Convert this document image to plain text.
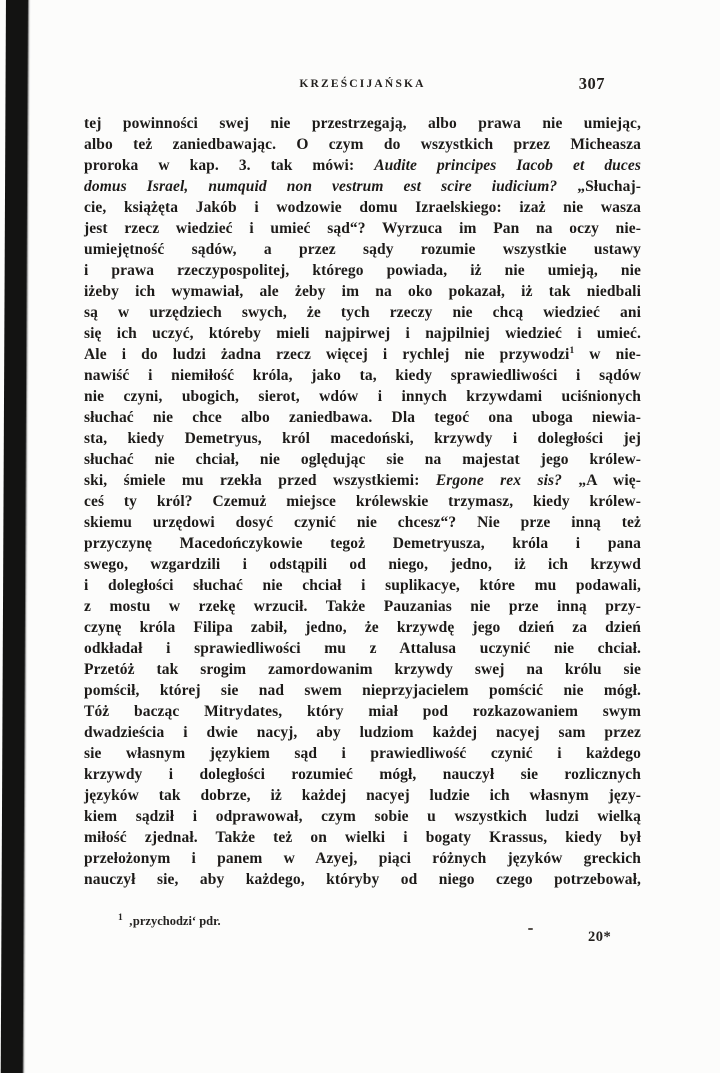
KRZEŚCIJAŃSKA	307
tej powinności swej nie przestrzegają, albo prawa nie umiejąc,
albo też zaniedbawając. O czym do wszystkich przez Micheasza
proroka w kap. 3. tak mówi: Audite principes Iacob et duces
domus Israel, numquid non vestrum est scire iudicium? „Słuchaj-
cie, książęta Jakób i wodzowie domu Izraelskiego: izaż nie wasza
jest rzecz wiedzieć i umieć sąd“? Wyrzuca im Pan na oczy nie-
umiejętność sądów, a przez sądy rozumie wszystkie ustawy
i prawa rzeczypospolitej, którego powiada, iż nie umieją, nie
iżeby ich wymawiał, ale żeby im na oko pokazał, iż tak niedbali
są w urzędziech swych, że tych rzeczy nie chcą wiedzieć ani
się ich uczyć, któreby mieli najpirwej i najpilniej wiedzieć i umieć.
Ale i do ludzi żadna rzecz więcej i rychlej nie przywodzi$^1$ w nie-
nawiść i niemiłość króla, jako ta, kiedy sprawiedliwości i sądów
nie czyni, ubogich, sierot, wdów i innych krzywdami uciśnionych
słuchać nie chce albo zaniedbawa. Dla tegoć ona uboga niewia-
sta, kiedy Demetryus, król macedoński, krzywdy i doległości jej
słuchać nie chciał, nie oględując sie na majestat jego królew-
ski, śmiele mu rzekła przed wszystkiemi: Ergone rex sis? „A wię-
ceś ty król? Czemuż miejsce królewskie trzymasz, kiedy królew-
skiemu urzędowi dosyć czynić nie chcesz“? Nie prze inną też
przyczynę Macedończykowie tegoż Demetryusza, króla i pana
swego, wzgardzili i odstąpili od niego, jedno, iż ich krzywd
i doległości słuchać nie chciał i suplikacye, które mu podawali,
z mostu w rzekę wrzucił. Także Pauzanias nie prze inną przy-
czynę króla Filipa zabił, jedno, że krzywdę jego dzień za dzień
odkładał i sprawiedliwości mu z Attalusa uczynić nie chciał.
Przetóż tak srogim zamordowanim krzywdy swej na królu sie
pomścił, której sie nad swem nieprzyjacielem pomścić nie mógł.
Tóż bacząc Mitrydates, który miał pod rozkazowaniem swym
dwadzieścia i dwie nacyj, aby ludziom każdej nacyej sam przez
sie własnym językiem sąd i prawiedliwość czynić i każdego
krzywdy i doległości rozumieć mógł, nauczył sie rozlicznych
języków tak dobrze, iż każdej nacyej ludzie ich własnym języ-
kiem sądził i odprawował, czym sobie u wszystkich ludzi wielką
miłość zjednał. Także też on wielki i bogaty Krassus, kiedy był
przełożonym i panem w Azyej, piąci różnych języków greckich
nauczył sie, aby każdego, któryby od niego czego potrzebował,
$^1$ ‚przychodzi‘ pdr.
20*
